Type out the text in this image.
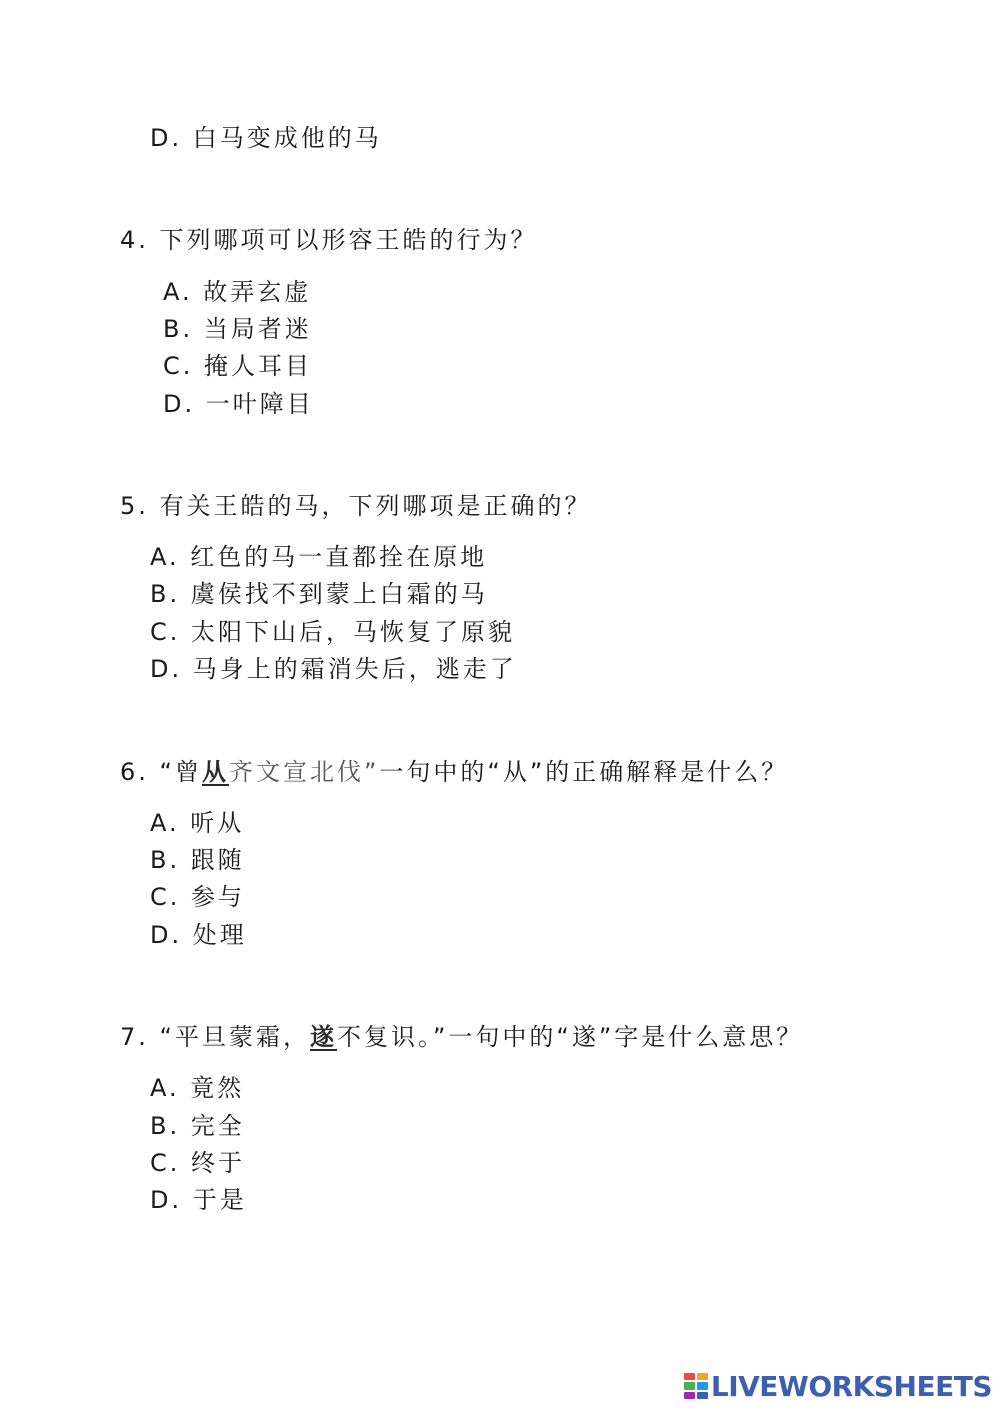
D. 白马变成他的马
4. 下列哪项可以形容王皓的行为？
A. 故弄玄虚
B. 当局者迷
C. 掩人耳目
D. 一叶障目
5. 有关王皓的马，下列哪项是正确的？
A. 红色的马一直都拴在原地
B. 虞侯找不到蒙上白霜的马
C. 太阳下山后，马恢复了原貌
D. 马身上的霜消失后，逃走了
6. “曾从齐文宣北伐”一句中的“从”的正确解释是什么？
A. 听从
B. 跟随
C. 参与
D. 处理
7. “平旦蒙霜，遂不复识。”一句中的“遂”字是什么意思？
A. 竟然
B. 完全
C. 终于
D. 于是
LIVEWORKSHEETS
